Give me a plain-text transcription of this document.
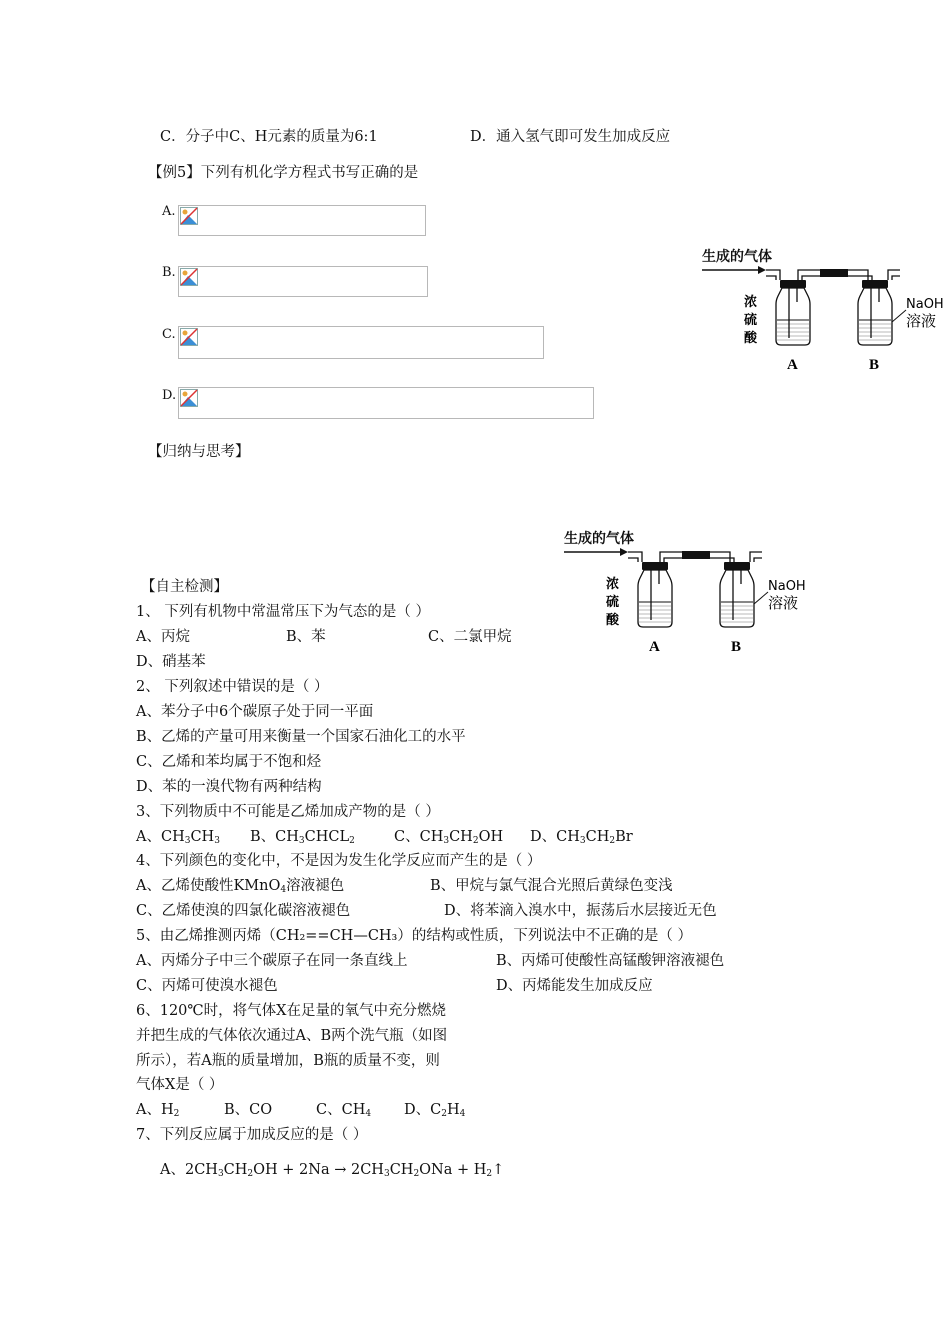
C．分子中C、H元素的质量为6:1	D．通入氢气即可发生加成反应
【例5】下列有机化学方程式书写正确的是
A.
B.
C.
D.
生成的气体
浓
硫
酸
NaOH
溶液
A	B
【归纳与思考】
生成的气体
浓
硫
酸
NaOH
溶液
A	B
【自主检测】
1、 下列有机物中常温常压下为气态的是（ ）
A、丙烷	B、苯	C、二氯甲烷
D、硝基苯
2、 下列叙述中错误的是（ ）
A、苯分子中6个碳原子处于同一平面
B、乙烯的产量可用来衡量一个国家石油化工的水平
C、乙烯和苯均属于不饱和烃
D、苯的一溴代物有两种结构
3、下列物质中不可能是乙烯加成产物的是（ ）
A、$CH_3CH_3$ B、$CH_3CHCL_2$	C、$CH_3CH_2OH$ D、$CH_3CH_2Br$
4、下列颜色的变化中，不是因为发生化学反应而产生的是（ ）
A、乙烯使酸性KMnO$_4$溶液褪色	B、甲烷与氯气混合光照后黄绿色变浅
C、乙烯使溴的四氯化碳溶液褪色	D、将苯滴入溴水中，振荡后水层接近无色
5、由乙烯推测丙烯（CH₂==CH—CH₃）的结构或性质，下列说法中不正确的是（ ）
A、丙烯分子中三个碳原子在同一条直线上	B、丙烯可使酸性高锰酸钾溶液褪色
C、丙烯可使溴水褪色	D、丙烯能发生加成反应
6、120℃时，将气体X在足量的氧气中充分燃烧
并把生成的气体依次通过A、B两个洗气瓶（如图
所示），若A瓶的质量增加，B瓶的质量不变，则
气体X是（ ）
A、$H_2$	B、CO	C、$CH_4$ D、$C_2H_4$
7、下列反应属于加成反应的是（ ）
A、$2CH_3CH_2OH + 2Na \to 2CH_3CH_2ONa$ + $H_2↑$
